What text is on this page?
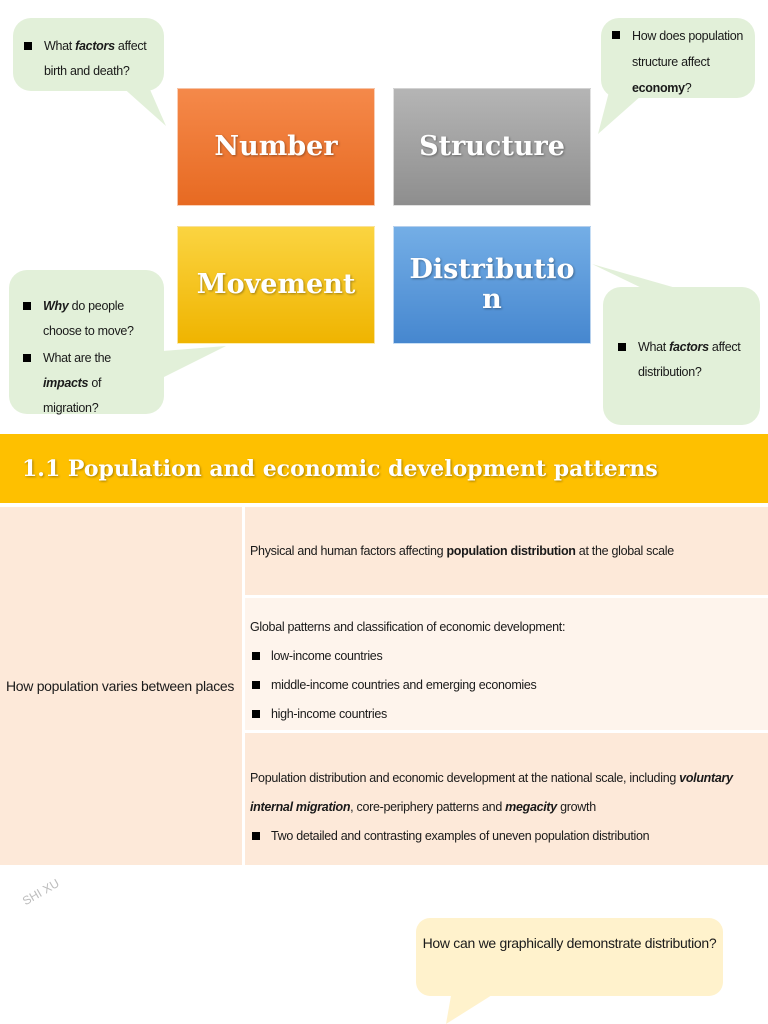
What factors affect birth and death?
How does population structure affect economy?
Number	Structure
Movement Distributio n
Why do people choose to move?
What are the impacts of migration?
What factors affect distribution?
1.1 Population and economic development patterns
How population varies between places

Physical and human factors affecting population distribution at the global scale

Global patterns and classification of economic development:

low-income countries
middle-income countries and emerging economies
high-income countries

Population distribution and economic development at the national scale, including voluntary internal migration, core-periphery patterns and megacity growth

Two detailed and contrasting examples of uneven population distribution
SHI XU
How can we graphically demonstrate distribution?
